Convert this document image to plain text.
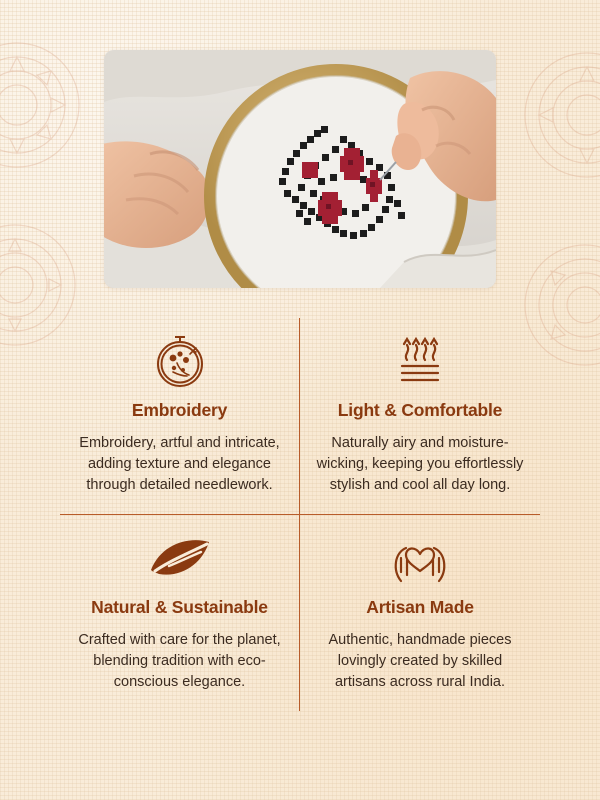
Embroidery
Embroidery, artful and intricate, adding texture and elegance through detailed needlework.
Light & Comfortable
Naturally airy and moisture-wicking, keeping you effortlessly stylish and cool all day long.
Natural & Sustainable
Crafted with care for the planet, blending tradition with eco-conscious elegance.
Artisan Made
Authentic, handmade pieces lovingly created by skilled artisans across rural India.
